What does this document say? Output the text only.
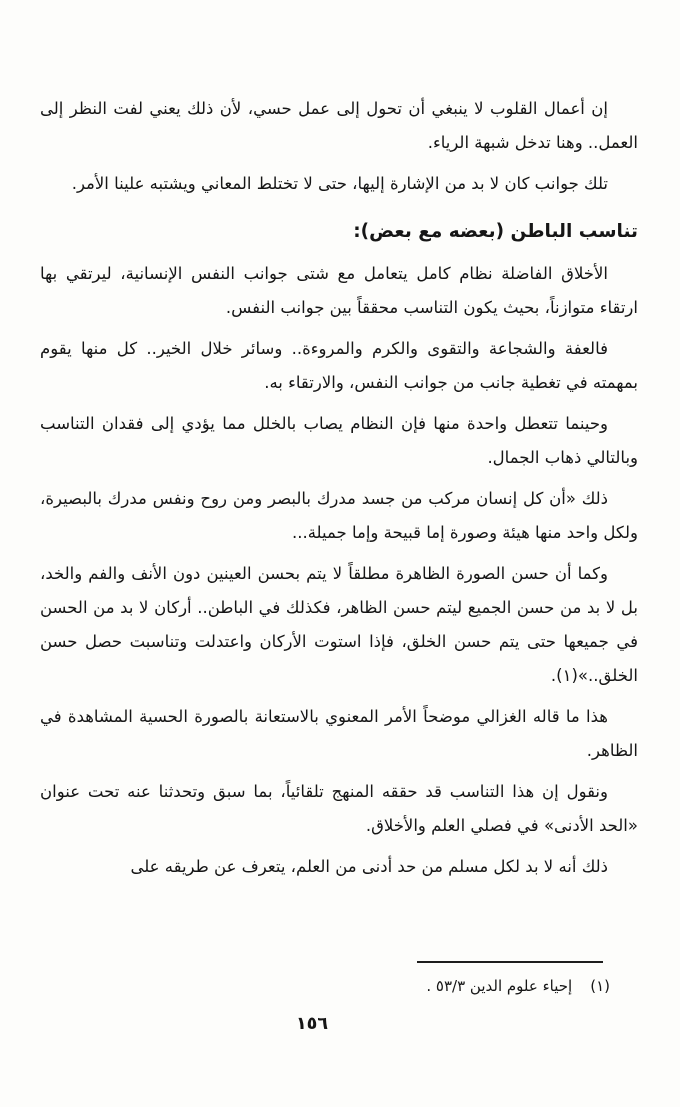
إن أعمال القلوب لا ينبغي أن تحول إلى عمل حسي، لأن ذلك يعني لفت النظر إلى العمل.. وهنا تدخل شبهة الرياء.

تلك جوانب كان لا بد من الإشارة إليها، حتى لا تختلط المعاني ويشتبه علينا الأمر.

تناسب الباطن (بعضه مع بعض):

الأخلاق الفاضلة نظام كامل يتعامل مع شتى جوانب النفس الإنسانية، ليرتقي بها ارتقاء متوازناً، بحيث يكون التناسب محققاً بين جوانب النفس.

فالعفة والشجاعة والتقوى والكرم والمروءة.. وسائر خلال الخير.. كل منها يقوم بمهمته في تغطية جانب من جوانب النفس، والارتقاء به.

وحينما تتعطل واحدة منها فإن النظام يصاب بالخلل مما يؤدي إلى فقدان التناسب وبالتالي ذهاب الجمال.

ذلك «أن كل إنسان مركب من جسد مدرك بالبصر ومن روح ونفس مدرك بالبصيرة، ولكل واحد منها هيئة وصورة إما قبيحة وإما جميلة...

وكما أن حسن الصورة الظاهرة مطلقاً لا يتم بحسن العينين دون الأنف والفم والخد، بل لا بد من حسن الجميع ليتم حسن الظاهر، فكذلك في الباطن.. أركان لا بد من الحسن في جميعها حتى يتم حسن الخلق، فإذا استوت الأركان واعتدلت وتناسبت حصل حسن الخلق..»(١).

هذا ما قاله الغزالي موضحاً الأمر المعنوي بالاستعانة بالصورة الحسية المشاهدة في الظاهر.

ونقول إن هذا التناسب قد حققه المنهج تلقائياً، بما سبق وتحدثنا عنه تحت عنوان «الحد الأدنى» في فصلي العلم والأخلاق.

ذلك أنه لا بد لكل مسلم من حد أدنى من العلم، يتعرف عن طريقه على

(١)
إحياء علوم الدين ٥٣/٣ .
١٥٦
